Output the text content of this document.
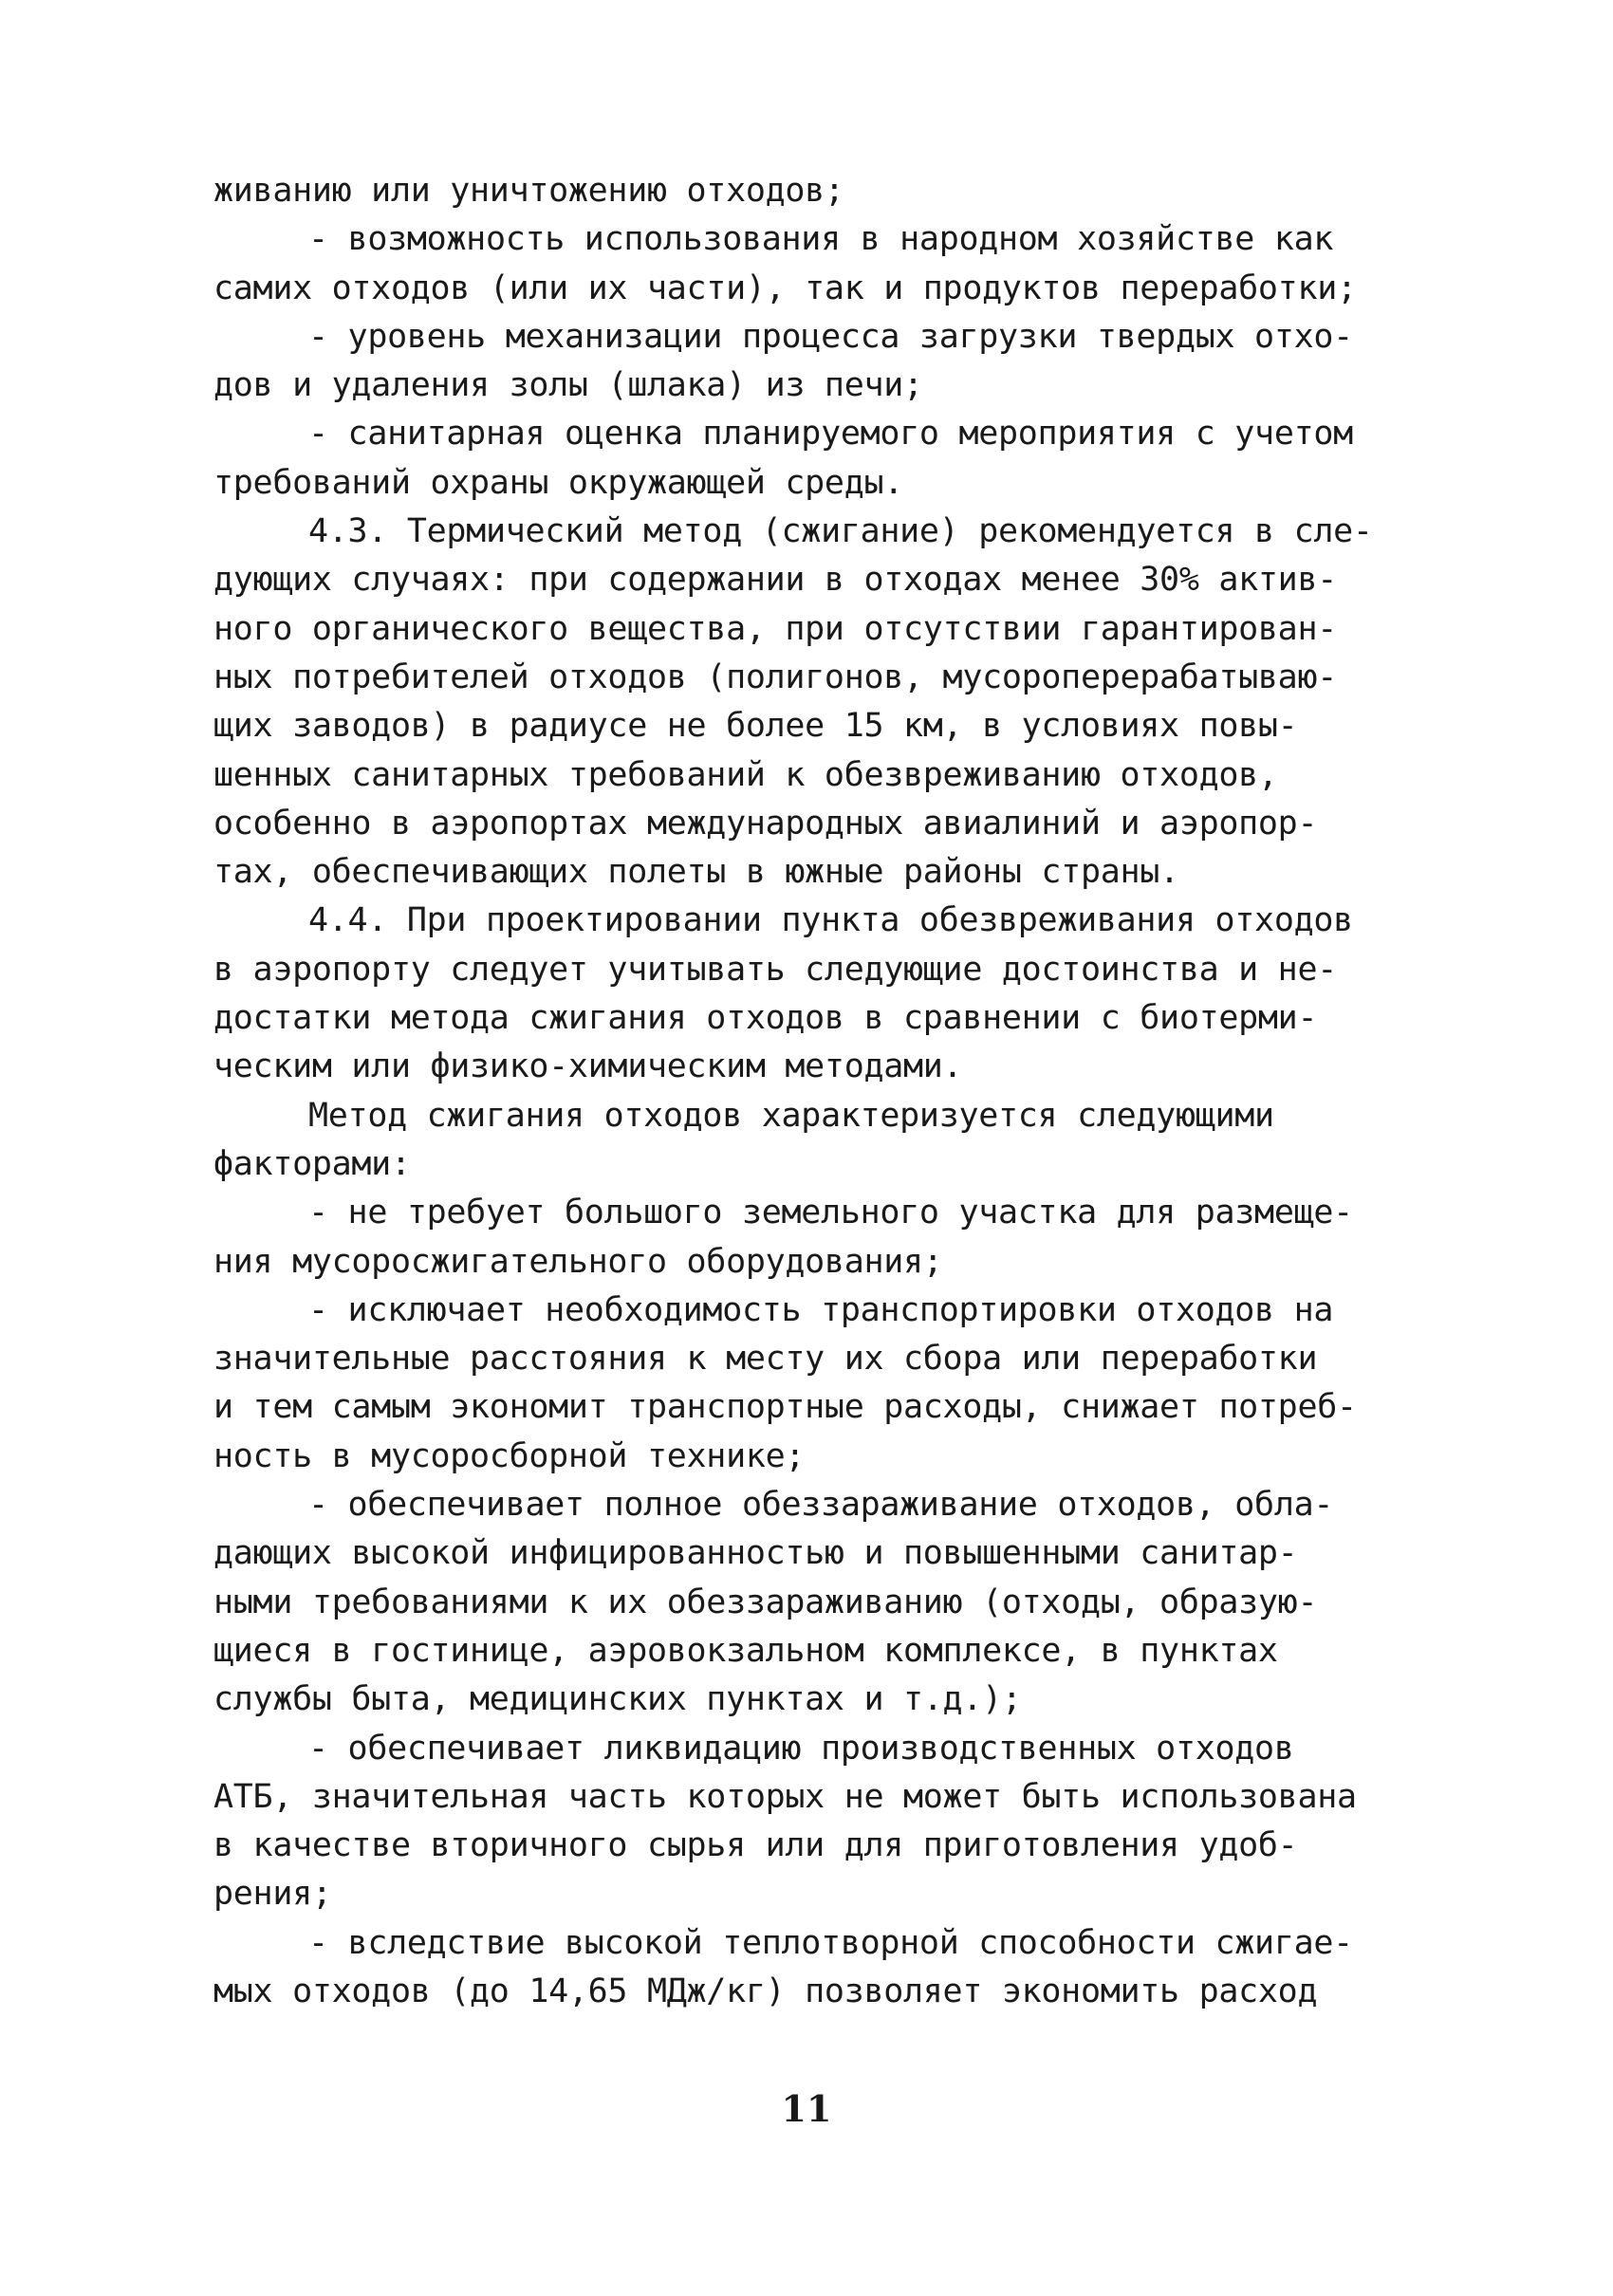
живанию или уничтожению отходов;
- возможность использования в народном хозяйстве как
самих отходов (или их части), так и продуктов переработки;
- уровень механизации процесса загрузки твердых отхо-
дов и удаления золы (шлака) из печи;
- санитарная оценка планируемого мероприятия с учетом
требований охраны окружающей среды.
4.3. Термический метод (сжигание) рекомендуется в сле-
дующих случаях: при содержании в отходах менее 30% актив-
ного органического вещества, при отсутствии гарантирован-
ных потребителей отходов (полигонов, мусороперерабатываю-
щих заводов) в радиусе не более 15 км, в условиях повы-
шенных санитарных требований к обезвреживанию отходов,
особенно в аэропортах международных авиалиний и аэропор-
тах, обеспечивающих полеты в южные районы страны.
4.4. При проектировании пункта обезвреживания отходов
в аэропорту следует учитывать следующие достоинства и не-
достатки метода сжигания отходов в сравнении с биотерми-
ческим или физико-химическим методами.
Метод сжигания отходов характеризуется следующими
факторами:
- не требует большого земельного участка для размеще-
ния мусоросжигательного оборудования;
- исключает необходимость транспортировки отходов на
значительные расстояния к месту их сбора или переработки
и тем самым экономит транспортные расходы, снижает потреб-
ность в мусоросборной технике;
- обеспечивает полное обеззараживание отходов, обла-
дающих высокой инфицированностью и повышенными санитар-
ными требованиями к их обеззараживанию (отходы, образую-
щиеся в гостинице, аэровокзальном комплексе, в пунктах
службы быта, медицинских пунктах и т.д.);
- обеспечивает ликвидацию производственных отходов
АТБ, значительная часть которых не может быть использована
в качестве вторичного сырья или для приготовления удоб-
рения;
- вследствие высокой теплотворной способности сжигае-
мых отходов (до 14,65 МДж/кг) позволяет экономить расход
11
